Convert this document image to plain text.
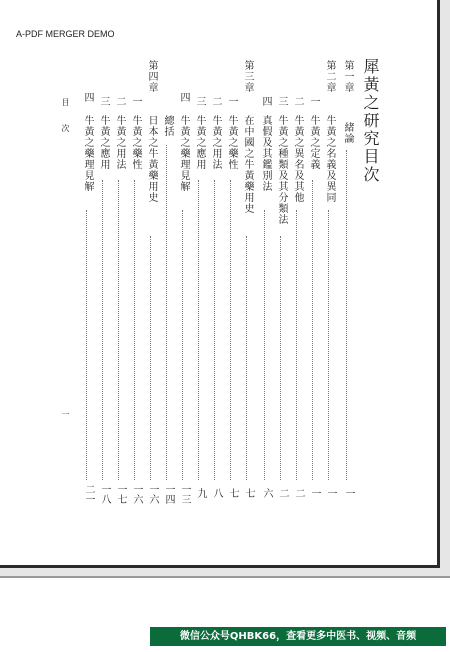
A-PDF MERGER DEMO
犀黃之研究目次
第一章
緒論
一
第二章
牛黃之名義及異同
一
一
牛黃之定義
一
二
牛黃之異名及其他
二
三
牛黃之種類及其分類法
二
四
真假及其鑑別法
六
第三章
在中國之牛黃藥用史
七
一
牛黃之藥性
七
二
牛黃之用法
八
三
牛黃之應用
九
四
牛黃之藥理見解
一三
第四章
日本之牛黃藥用史
一六
總括
一四
一
牛黃之藥性
一六
二
牛黃之用法
一七
三
牛黃之應用
一八
四
牛黃之藥理見解
二一
目次
一
微信公众号QHBK66，查看更多中医书、视频、音频
